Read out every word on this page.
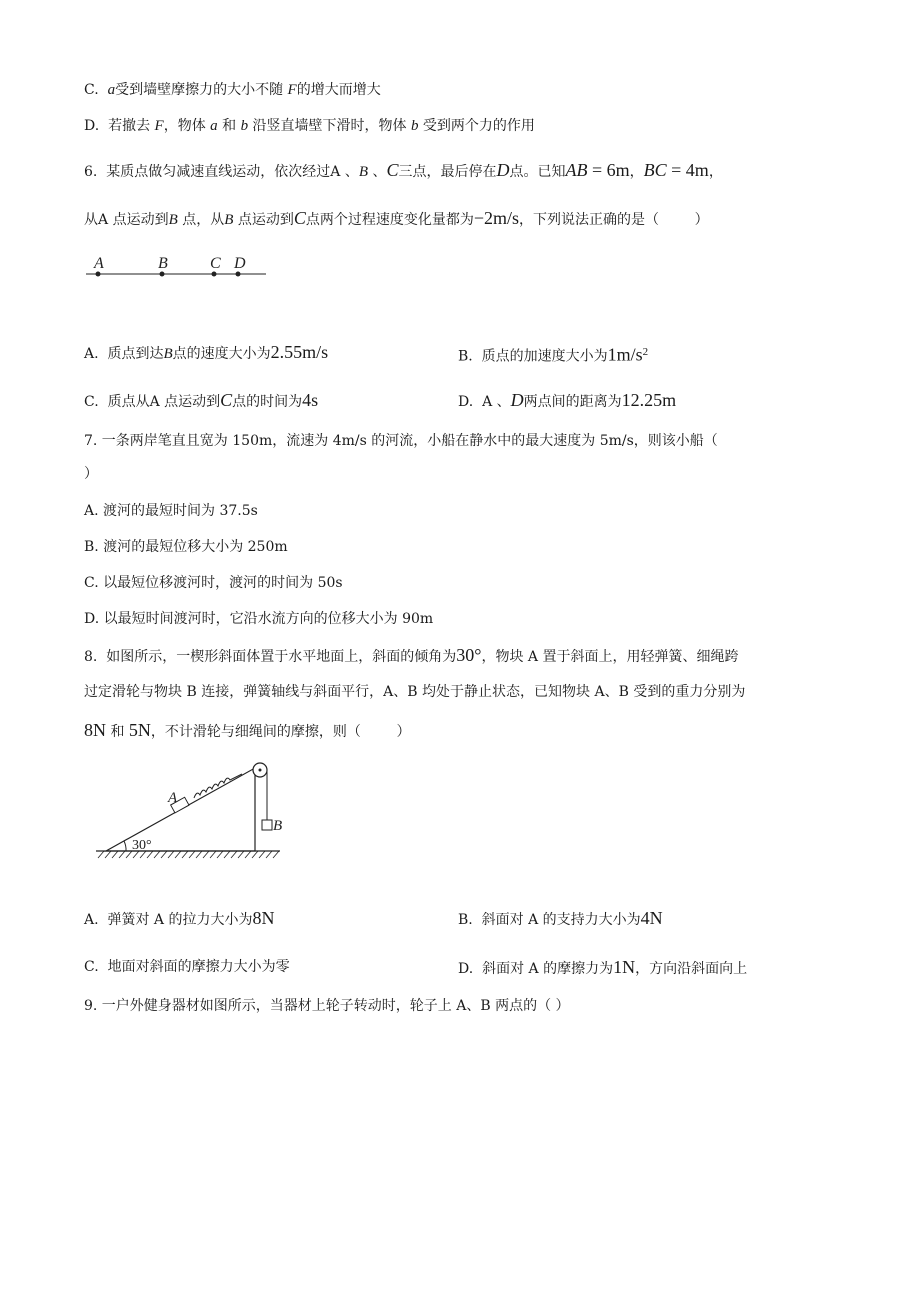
C.  a受到墙壁摩擦力的大小不随 F的增大而增大
D.  若撤去 F，物体 a 和 b 沿竖直墙壁下滑时，物体 b 受到两个力的作用
6.  某质点做匀减速直线运动，依次经过A 、B 、C三点，最后停在D点。已知AB = 6m，BC = 4m，
从A 点运动到B 点，从B 点运动到C点两个过程速度变化量都为−2m/s，下列说法正确的是（        ）
A	B	C D
A.  质点到达B点的速度大小为2.55m/s	B.  质点的加速度大小为$1m/s^2$
C.  质点从A 点运动到C点的时间为4s	D.  A 、D两点间的距离为12.25m
7. 一条两岸笔直且宽为 150m，流速为 4m/s 的河流，小船在静水中的最大速度为 5m/s，则该小船（
）
A. 渡河的最短时间为 37.5s
B. 渡河的最短位移大小为 250m
C. 以最短位移渡河时，渡河的时间为 50s
D. 以最短时间渡河时，它沿水流方向的位移大小为 90m
8.  如图所示，一楔形斜面体置于水平地面上，斜面的倾角为30°，物块 A 置于斜面上，用轻弹簧、细绳跨
过定滑轮与物块 B 连接，弹簧轴线与斜面平行，A、B 均处于静止状态，已知物块 A、B 受到的重力分别为
8N 和 5N，不计滑轮与细绳间的摩擦，则（        ）
30°
A
B
A.  弹簧对 A 的拉力大小为8N	B.  斜面对 A 的支持力大小为4N
C.  地面对斜面的摩擦力大小为零	D.  斜面对 A 的摩擦力为1N，方向沿斜面向上
9. 一户外健身器材如图所示，当器材上轮子转动时，轮子上 A、B 两点的（ ）
